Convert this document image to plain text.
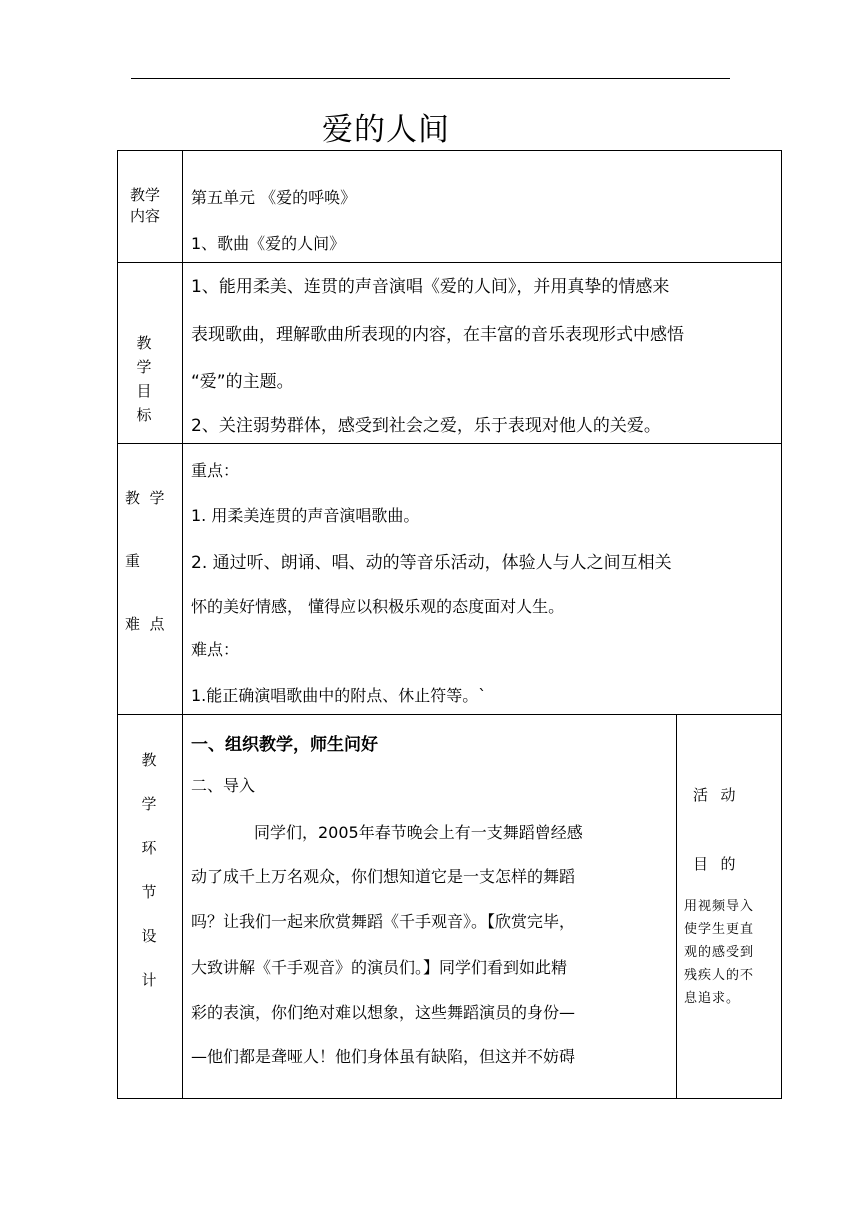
爱的人间
教学
内容
第五单元 《爱的呼唤》
1、歌曲《爱的人间》
教
学
目
标
1、能用柔美、连贯的声音演唱《爱的人间》，并用真挚的情感来
表现歌曲，理解歌曲所表现的内容，在丰富的音乐表现形式中感悟
“爱”的主题。
2、关注弱势群体，感受到社会之爱，乐于表现对他人的关爱。

教  学

重

难  点

重点：
1. 用柔美连贯的声音演唱歌曲。
2. 通过听、朗诵、唱、动的等音乐活动，体验人与人之间互相关
怀的美好情感， 懂得应以积极乐观的态度面对人生。
难点：
1.能正确演唱歌曲中的附点、休止符等。`
教
学
环
节
设
计
一、组织教学，师生问好
二、导入
同学们，2005年春节晚会上有一支舞蹈曾经感
动了成千上万名观众，你们想知道它是一支怎样的舞蹈
吗？让我们一起来欣赏舞蹈《千手观音》。【欣赏完毕，
大致讲解《千手观音》的演员们。】同学们看到如此精
彩的表演，你们绝对难以想象，这些舞蹈演员的身份—
—他们都是聋哑人！他们身体虽有缺陷，但这并不妨碍

活  动

目  的

用视频导入
使学生更直
观的感受到
残疾人的不
息追求。
